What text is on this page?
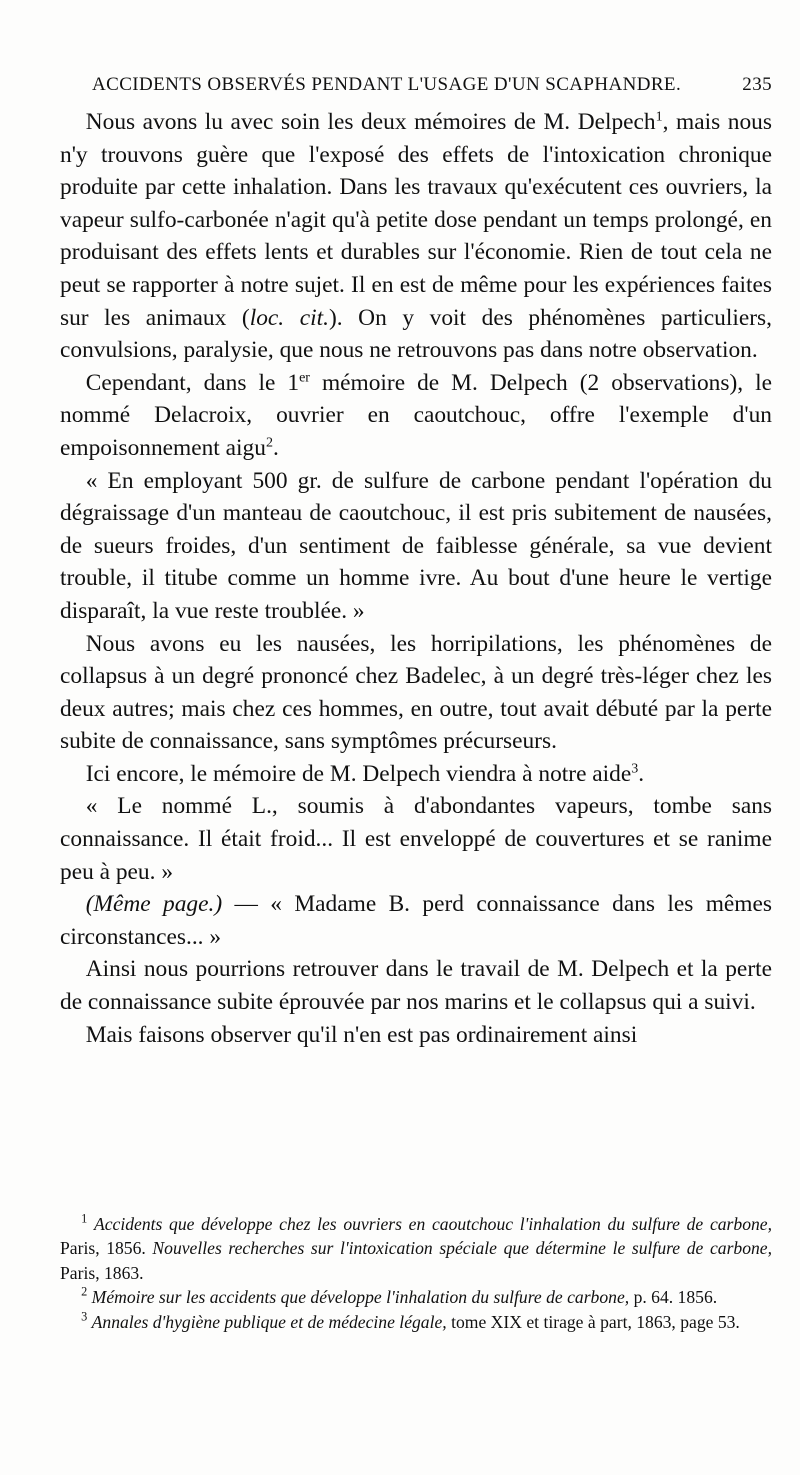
ACCIDENTS OBSERVÉS PENDANT L'USAGE D'UN SCAPHANDRE.	235

Nous avons lu avec soin les deux mémoires de M. Delpech$^1$, mais nous n'y trouvons guère que l'exposé des effets de l'intoxication chronique produite par cette inhalation. Dans les travaux qu'exécutent ces ouvriers, la vapeur sulfo-carbonée n'agit qu'à petite dose pendant un temps prolongé, en produisant des effets lents et durables sur l'économie. Rien de tout cela ne peut se rapporter à notre sujet. Il en est de même pour les expériences faites sur les animaux (loc. cit.). On y voit des phénomènes particuliers, convulsions, paralysie, que nous ne retrouvons pas dans notre observation.

Cependant, dans le 1er mémoire de M. Delpech (2 observations), le nommé Delacroix, ouvrier en caoutchouc, offre l'exemple d'un empoisonnement aigu$^2$.

« En employant 500 gr. de sulfure de carbone pendant l'opération du dégraissage d'un manteau de caoutchouc, il est pris subitement de nausées, de sueurs froides, d'un sentiment de faiblesse générale, sa vue devient trouble, il titube comme un homme ivre. Au bout d'une heure le vertige disparaît, la vue reste troublée. »

Nous avons eu les nausées, les horripilations, les phénomènes de collapsus à un degré prononcé chez Badelec, à un degré très-léger chez les deux autres; mais chez ces hommes, en outre, tout avait débuté par la perte subite de connaissance, sans symptômes précurseurs.

Ici encore, le mémoire de M. Delpech viendra à notre aide$^3$.

« Le nommé L., soumis à d'abondantes vapeurs, tombe sans connaissance. Il était froid... Il est enveloppé de couvertures et se ranime peu à peu. »

(Même page.) — « Madame B. perd connaissance dans les mêmes circonstances... »

Ainsi nous pourrions retrouver dans le travail de M. Delpech et la perte de connaissance subite éprouvée par nos marins et le collapsus qui a suivi.

Mais faisons observer qu'il n'en est pas ordinairement ainsi

$^1$ Accidents que développe chez les ouvriers en caoutchouc l'inhalation du sulfure de carbone, Paris, 1856. Nouvelles recherches sur l'intoxication spéciale que détermine le sulfure de carbone, Paris, 1863.

$^2$ Mémoire sur les accidents que développe l'inhalation du sulfure de carbone, p. 64. 1856.

$^3$ Annales d'hygiène publique et de médecine légale, tome XIX et tirage à part, 1863, page 53.
